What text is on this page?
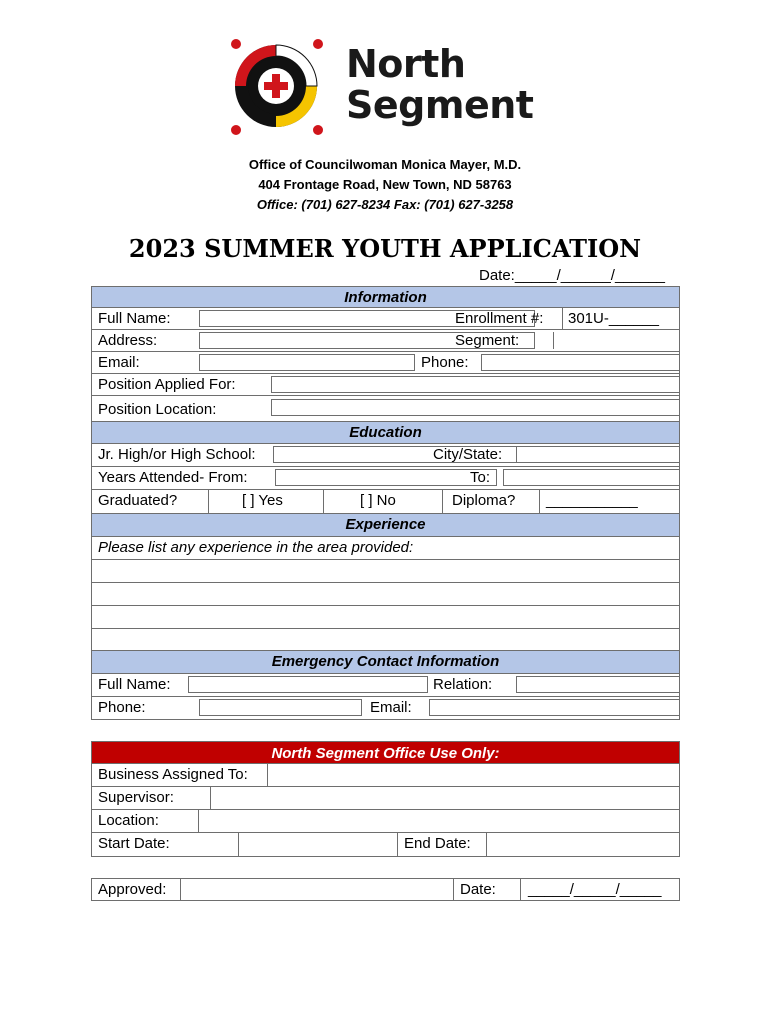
North
Segment
Office of Councilwoman Monica Mayer, M.D.
404 Frontage Road, New Town, ND 58763
Office: (701) 627-8234 Fax: (701) 627-3258
2023 SUMMER YOUTH APPLICATION
Date:_____/______/______
Information
Full Name:	Enrollment #: 301U-______
Address:	Segment:
Email:	Phone:
Position Applied For:
Position Location:
Education
Jr. High/or High School:	City/State:
Years Attended- From:	To:
Graduated?	[ ] Yes	[ ] No	Diploma? ___________
Experience
Please list any experience in the area provided:
Emergency Contact Information
Full Name:	Relation:
Phone:	Email:
North Segment Office Use Only:
Business Assigned To:
Supervisor:
Location:
Start Date:	End Date:
Approved:	Date: _____/_____/_____
